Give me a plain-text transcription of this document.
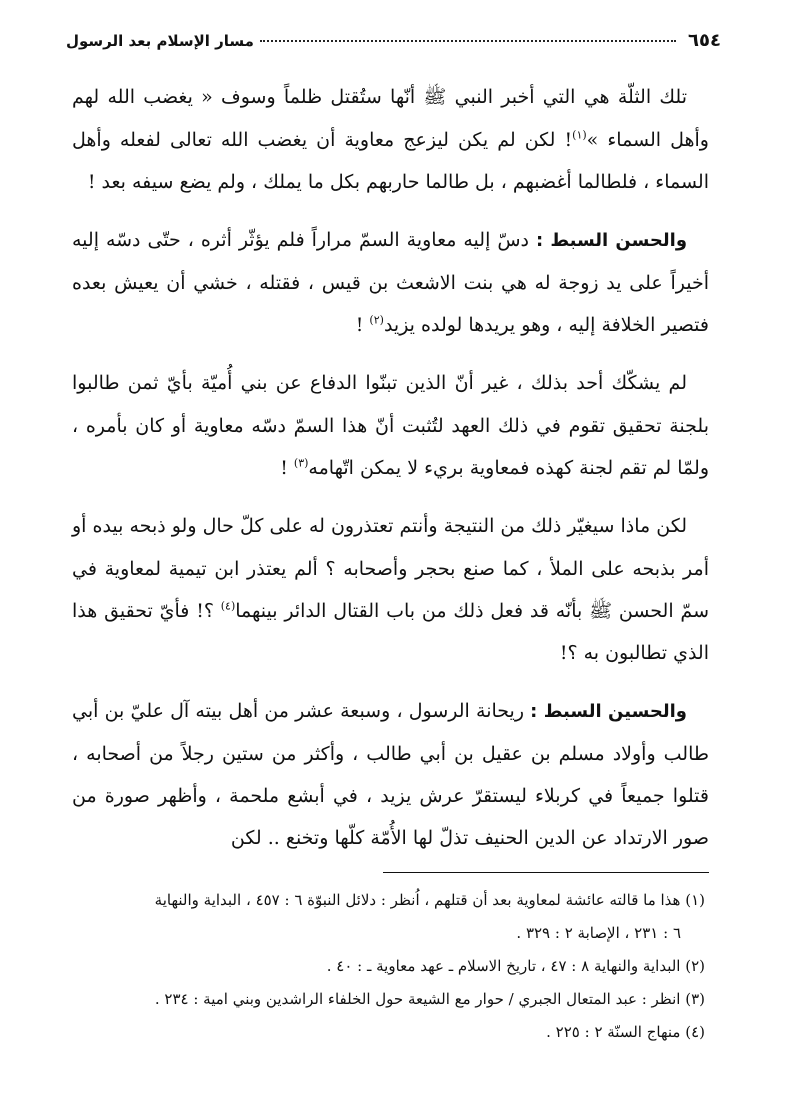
٦٥٤
مسار الإسلام بعد الرسول

تلك الثلّة هي التي أخبر النبي ﷺ أنّها ستُقتل ظلماً وسوف « يغضب الله لهم وأهل السماء »$^{(١)}$! لكن لم يكن ليزعج معاوية أن يغضب الله تعالى لفعله وأهل السماء ، فلطالما أغضبهم ، بل طالما حاربهم بكل ما يملك ، ولم يضع سيفه بعد !

والحسن السبط : دسّ إليه معاوية السمّ مراراً فلم يؤثّر أثره ، حتّى دسّه إليه أخيراً على يد زوجة له هي بنت الاشعث بن قيس ، فقتله ، خشي أن يعيش بعده فتصير الخلافة إليه ، وهو يريدها لولده يزيد$^{(٢)}$ !

لم يشكّك أحد بذلك ، غير أنّ الذين تبنّوا الدفاع عن بني أُميّة بأيّ ثمن طالبوا بلجنة تحقيق تقوم في ذلك العهد لتُثبت أنّ هذا السمّ دسّه معاوية أو كان بأمره ، ولمّا لم تقم لجنة كهذه فمعاوية بريء لا يمكن اتّهامه$^{(٣)}$ !

لكن ماذا سيغيّر ذلك من النتيجة وأنتم تعتذرون له على كلّ حال ولو ذبحه بيده أو أمر بذبحه على الملأ ، كما صنع بحجر وأصحابه ؟ ألم يعتذر ابن تيمية لمعاوية في سمّ الحسن ﷺ بأنّه قد فعل ذلك من باب القتال الدائر بينهما$^{(٤)}$ ؟! فأيّ تحقيق هذا الذي تطالبون به ؟!

والحسين السبط : ريحانة الرسول ، وسبعة عشر من أهل بيته آل عليّ بن أبي طالب وأولاد مسلم بن عقيل بن أبي طالب ، وأكثر من ستين رجلاً من أصحابه ، قتلوا جميعاً في كربلاء ليستقرّ عرش يزيد ، في أبشع ملحمة ، وأظهر صورة من صور الارتداد عن الدين الحنيف تذلّ لها الأُمّة كلّها وتخنع .. لكن

(١) هذا ما قالته عائشة لمعاوية بعد أن قتلهم ، اُنظر : دلائل النبوّة ٦ : ٤٥٧ ، البداية والنهاية
٦ : ٢٣١ ، الإصابة ٢ : ٣٢٩ .

(٢) البداية والنهاية ٨ : ٤٧ ، تاريخ الاسلام ـ عهد معاوية ـ : ٤٠ .

(٣) انظر : عبد المتعال الجبري / حوار مع الشيعة حول الخلفاء الراشدين وبني امية : ٢٣٤ .

(٤) منهاج السنّة ٢ : ٢٢٥ .
